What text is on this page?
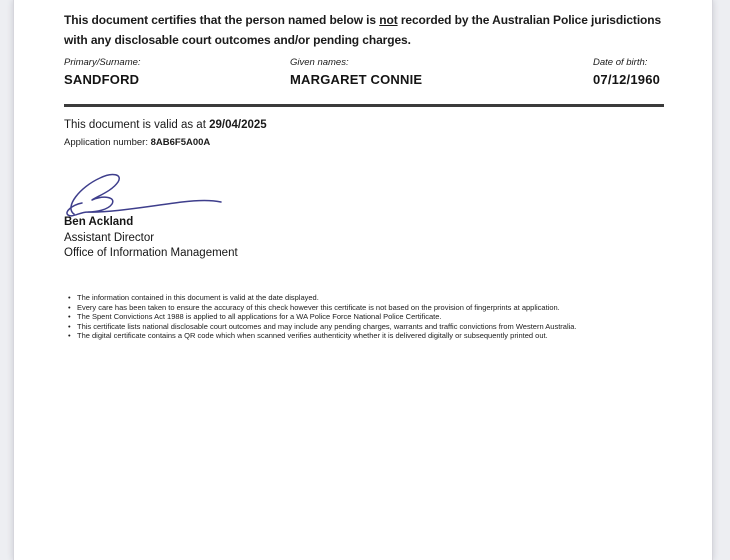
This document certifies that the person named below is not recorded by the Australian Police jurisdictions
with any disclosable court outcomes and/or pending charges.
Primary/Surname:
SANDFORD
Given names:
MARGARET CONNIE
Date of birth:
07/12/1960
This document is valid as at 29/04/2025
Application number: 8AB6F5A00A
Ben Ackland
Assistant Director
Office of Information Management
• The information contained in this document is valid at the date displayed.
• Every care has been taken to ensure the accuracy of this check however this certificate is not based on the provision of fingerprints at application.
• The Spent Convictions Act 1988 is applied to all applications for a WA Police Force National Police Certificate.
• This certificate lists national disclosable court outcomes and may include any pending charges, warrants and traffic convictions from Western Australia.
• The digital certificate contains a QR code which when scanned verifies authenticity whether it is delivered digitally or subsequently printed out.
